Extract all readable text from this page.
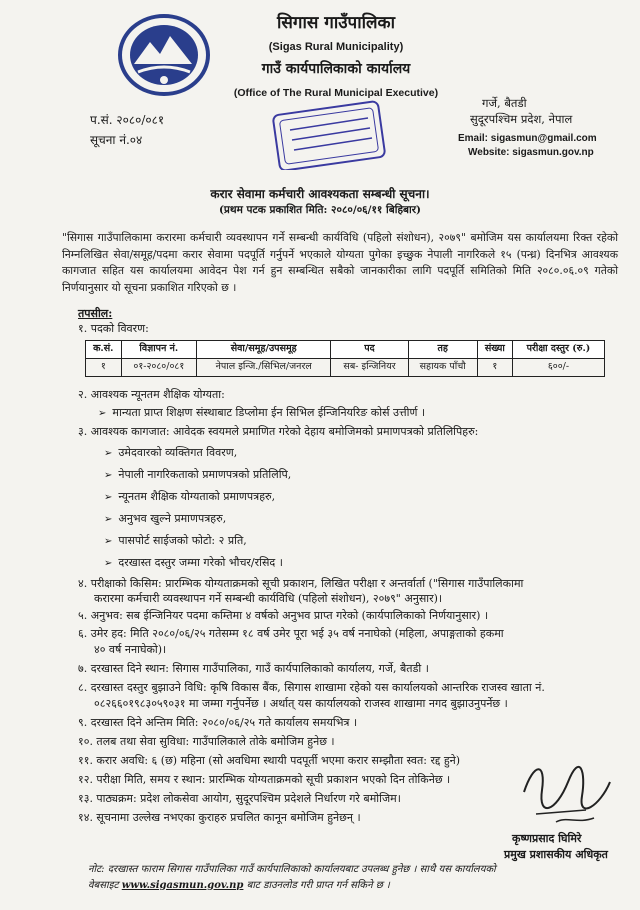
सिगास गाउँपालिका
(Sigas Rural Municipality)
गाउँ कार्यपालिकाको कार्यालय
(Office of The Rural Municipal Executive)
प.सं. २०८०/०८१
सूचना नं.०४
गर्जे, बैतडी
सुदूरपश्चिम प्रदेश, नेपाल
Email: sigasmun@gmail.com
Website: sigasmun.gov.np
करार सेवामा कर्मचारी आवश्यकता सम्बन्धी सूचना।
(प्रथम पटक प्रकाशित मिति: २०८०/०६/११ बिहिबार)
"सिगास गाउँपालिकामा करारमा कर्मचारी व्यवस्थापन गर्ने सम्बन्धी कार्यविधि (पहिलो संशोधन), २०७९" बमोजिम यस कार्यालयमा रिक्त रहेको निम्नलिखित सेवा/समूह/पदमा करार सेवामा पदपूर्ति गर्नुपर्ने भएकाले योग्यता पुगेका इच्छुक नेपाली नागरिकले १५ (पन्ध्र) दिनभित्र आवश्यक कागजात सहित यस कार्यालयमा आवेदन पेश गर्न हुन सम्बन्धित सबैको जानकारीका लागि पदपूर्ति समितिको मिति २०८०.०६.०९ गतेको निर्णयानुसार यो सूचना प्रकाशित गरिएको छ ।
तपसील:
१. पदको विवरण:
क.सं.	विज्ञापन नं.	सेवा/समूह/उपसमूह	पद	तह	संख्या	परीक्षा दस्तुर (रु.)
१	०१-२०८०/०८१	नेपाल इन्जि./सिभिल/जनरल	सब- इन्जिनियर	सहायक पाँचौ	१	६००/-
२. आवश्यक न्यूनतम शैक्षिक योग्यता:
➢ मान्यता प्राप्त शिक्षण संस्थाबाट डिप्लोमा ईन सिभिल ईन्जिनियरिङ कोर्स उत्तीर्ण ।
३. आवश्यक कागजात: आवेदक स्वयमले प्रमाणित गरेको देहाय बमोजिमको प्रमाणपत्रको प्रतिलिपिहरु:
➢ उमेदवारको व्यक्तिगत विवरण,
➢ नेपाली नागरिकताको प्रमाणपत्रको प्रतिलिपि,
➢ न्यूनतम शैक्षिक योग्यताको प्रमाणपत्रहरु,
➢ अनुभव खुल्ने प्रमाणपत्रहरु,
➢ पासपोर्ट साईजको फोटो: २ प्रति,
➢ दरखास्त दस्तुर जम्मा गरेको भौचर/रसिद ।
४. परीक्षाको किसिम: प्रारम्भिक योग्यताक्रमको सूची प्रकाशन, लिखित परीक्षा र अन्तर्वार्ता ("सिगास गाउँपालिकामा
करारमा कर्मचारी व्यवस्थापन गर्ने सम्बन्धी कार्यविधि (पहिलो संशोधन), २०७९" अनुसार)।
५. अनुभव: सब ईन्जिनियर पदमा कम्तिमा ४ वर्षको अनुभव प्राप्त गरेको (कार्यपालिकाको निर्णयानुसार) ।
६. उमेर हद: मिति २०८०/०६/२५ गतेसम्म १८ वर्ष उमेर पूरा भई ३५ वर्ष ननाघेको (महिला, अपाङ्गताको हकमा
४० वर्ष ननाघेको)।
७. दरखास्त दिने स्थान: सिगास गाउँपालिका, गाउँ कार्यपालिकाको कार्यालय, गर्जे, बैतडी ।
८. दरखास्त दस्तुर बुझाउने विधि: कृषि विकास बैंक, सिगास शाखामा रहेको यस कार्यालयको आन्तरिक राजस्व खाता नं.
०८२६६०१९८३०५९०३१ मा जम्मा गर्नुपर्नेछ । अर्थात् यस कार्यालयको राजस्व शाखामा नगद बुझाउनुपर्नेछ ।
९. दरखास्त दिने अन्तिम मिति: २०८०/०६/२५ गते कार्यालय समयभित्र ।
१०. तलब तथा सेवा सुविधा: गाउँपालिकाले तोके बमोजिम हुनेछ ।
११. करार अवधि: ६ (छ) महिना (सो अवधिमा स्थायी पदपूर्ती भएमा करार सम्झौता स्वत: रद्द हुने)
१२. परीक्षा मिति, समय र स्थान: प्रारम्भिक योग्यताक्रमको सूची प्रकाशन भएको दिन तोकिनेछ ।
१३. पाठ्यक्रम: प्रदेश लोकसेवा आयोग, सुदूरपश्चिम प्रदेशले निर्धारण गरे बमोजिम।
१४. सूचनामा उल्लेख नभएका कुराहरु प्रचलित कानून बमोजिम हुनेछन् ।
कृष्णप्रसाद घिमिरे
प्रमुख प्रशासकीय अधिकृत
नोट: दरखास्त फाराम सिगास गाउँपालिका गाउँ कार्यपालिकाको कार्यालयबाट उपलब्ध हुनेछ । साथै यस कार्यालयको
वेबसाइट www.sigasmun.gov.np बाट डाउनलोड गरी प्राप्त गर्न सकिने छ ।
